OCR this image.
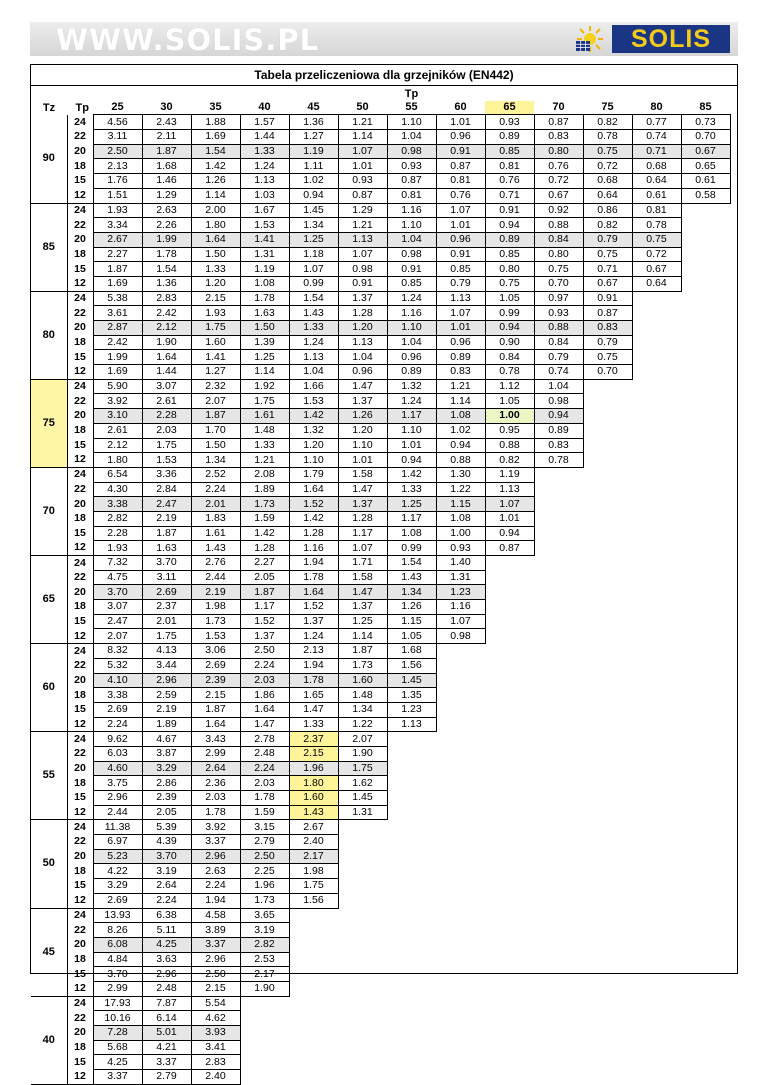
WWW.SOLIS.PL	SOLIS
Tabela przeliczeniowa dla grzejników (EN442)
		Tp												
Tz	Tp	25	30	35	40	45	50	55	60	65	70	75	80	85
90	24	4.56	2.43	1.88	1.57	1.36	1.21	1.10	1.01	0.93	0.87	0.82	0.77	0.73
	22	3.11	2.11	1.69	1.44	1.27	1.14	1.04	0.96	0.89	0.83	0.78	0.74	0.70
	20	2.50	1.87	1.54	1.33	1.19	1.07	0.98	0.91	0.85	0.80	0.75	0.71	0.67
	18	2.13	1.68	1.42	1.24	1.11	1.01	0.93	0.87	0.81	0.76	0.72	0.68	0.65
	15	1.76	1.46	1.26	1.13	1.02	0.93	0.87	0.81	0.76	0.72	0.68	0.64	0.61
	12	1.51	1.29	1.14	1.03	0.94	0.87	0.81	0.76	0.71	0.67	0.64	0.61	0.58
85	24	1.93	2.63	2.00	1.67	1.45	1.29	1.16	1.07	0.91	0.92	0.86	0.81	
	22	3.34	2.26	1.80	1.53	1.34	1.21	1.10	1.01	0.94	0.88	0.82	0.78	
	20	2.67	1.99	1.64	1.41	1.25	1.13	1.04	0.96	0.89	0.84	0.79	0.75	
	18	2.27	1.78	1.50	1.31	1.18	1.07	0.98	0.91	0.85	0.80	0.75	0.72	
	15	1.87	1.54	1.33	1.19	1.07	0.98	0.91	0.85	0.80	0.75	0.71	0.67	
	12	1.69	1.36	1.20	1.08	0.99	0.91	0.85	0.79	0.75	0.70	0.67	0.64	
80	24	5.38	2.83	2.15	1.78	1.54	1.37	1.24	1.13	1.05	0.97	0.91		
	22	3.61	2.42	1.93	1.63	1.43	1.28	1.16	1.07	0.99	0.93	0.87		
	20	2.87	2.12	1.75	1.50	1.33	1.20	1.10	1.01	0.94	0.88	0.83		
	18	2.42	1.90	1.60	1.39	1.24	1.13	1.04	0.96	0.90	0.84	0.79		
	15	1.99	1.64	1.41	1.25	1.13	1.04	0.96	0.89	0.84	0.79	0.75		
	12	1.69	1.44	1.27	1.14	1.04	0.96	0.89	0.83	0.78	0.74	0.70		
75	24	5.90	3.07	2.32	1.92	1.66	1.47	1.32	1.21	1.12	1.04			
	22	3.92	2.61	2.07	1.75	1.53	1.37	1.24	1.14	1.05	0.98			
	20	3.10	2.28	1.87	1.61	1.42	1.26	1.17	1.08	1.00	0.94			
	18	2.61	2.03	1.70	1.48	1.32	1.20	1.10	1.02	0.95	0.89			
	15	2.12	1.75	1.50	1.33	1.20	1.10	1.01	0.94	0.88	0.83			
	12	1.80	1.53	1.34	1.21	1.10	1.01	0.94	0.88	0.82	0.78			
70	24	6.54	3.36	2.52	2.08	1.79	1.58	1.42	1.30	1.19				
	22	4.30	2.84	2.24	1.89	1.64	1.47	1.33	1.22	1.13				
	20	3.38	2.47	2.01	1.73	1.52	1.37	1.25	1.15	1.07				
	18	2.82	2.19	1.83	1.59	1.42	1.28	1.17	1.08	1.01				
	15	2.28	1.87	1.61	1.42	1.28	1.17	1.08	1.00	0.94				
	12	1.93	1.63	1.43	1.28	1.16	1.07	0.99	0.93	0.87				
65	24	7.32	3.70	2.76	2.27	1.94	1.71	1.54	1.40					
	22	4.75	3.11	2.44	2.05	1.78	1.58	1.43	1.31					
	20	3.70	2.69	2.19	1.87	1.64	1.47	1.34	1.23					
	18	3.07	2.37	1.98	1.17	1.52	1.37	1.26	1.16					
	15	2.47	2.01	1.73	1.52	1.37	1.25	1.15	1.07					
	12	2.07	1.75	1.53	1.37	1.24	1.14	1.05	0.98					
60	24	8.32	4.13	3.06	2.50	2.13	1.87	1.68						
	22	5.32	3.44	2.69	2.24	1.94	1.73	1.56						
	20	4.10	2.96	2.39	2.03	1.78	1.60	1.45						
	18	3.38	2.59	2.15	1.86	1.65	1.48	1.35						
	15	2.69	2.19	1.87	1.64	1.47	1.34	1.23						
	12	2.24	1.89	1.64	1.47	1.33	1.22	1.13						
55	24	9.62	4.67	3.43	2.78	2.37	2.07							
	22	6.03	3.87	2.99	2.48	2.15	1.90							
	20	4.60	3.29	2.64	2.24	1.96	1.75							
	18	3.75	2.86	2.36	2.03	1.80	1.62							
	15	2.96	2.39	2.03	1.78	1.60	1.45							
	12	2.44	2.05	1.78	1.59	1.43	1.31							
50	24	11.38	5.39	3.92	3.15	2.67								
	22	6.97	4.39	3.37	2.79	2.40								
	20	5.23	3.70	2.96	2.50	2.17								
	18	4.22	3.19	2.63	2.25	1.98								
	15	3.29	2.64	2.24	1.96	1.75								
	12	2.69	2.24	1.94	1.73	1.56								
45	24	13.93	6.38	4.58	3.65									
	22	8.26	5.11	3.89	3.19									
	20	6.08	4.25	3.37	2.82									
	18	4.84	3.63	2.96	2.53									
	15	3.70	2.96	2.50	2.17									
	12	2.99	2.48	2.15	1.90									
40	24	17.93	7.87	5.54										
	22	10.16	6.14	4.62										
	20	7.28	5.01	3.93										
	18	5.68	4.21	3.41										
	15	4.25	3.37	2.83										
	12	3.37	2.79	2.40										
